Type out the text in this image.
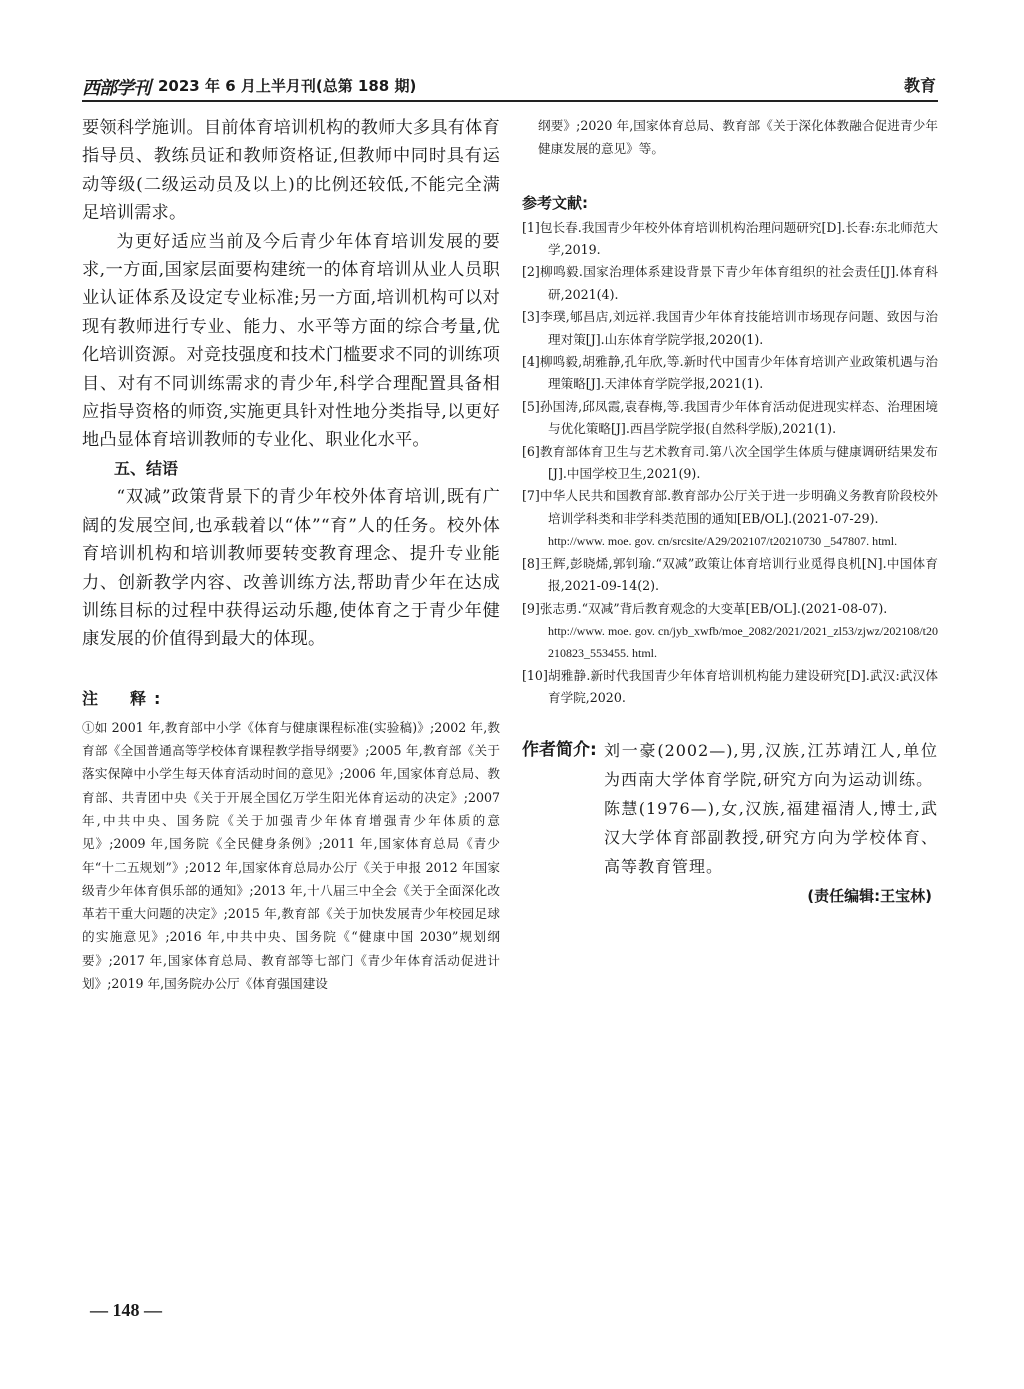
西部学刊 2023 年 6 月上半月刊(总第 188 期)	教育

要领科学施训。目前体育培训机构的教师大多具有体育指导员、教练员证和教师资格证,但教师中同时具有运动等级(二级运动员及以上)的比例还较低,不能完全满足培训需求。

为更好适应当前及今后青少年体育培训发展的要求,一方面,国家层面要构建统一的体育培训从业人员职业认证体系及设定专业标准;另一方面,培训机构可以对现有教师进行专业、能力、水平等方面的综合考量,优化培训资源。对竞技强度和技术门槛要求不同的训练项目、对有不同训练需求的青少年,科学合理配置具备相应指导资格的师资,实施更具针对性地分类指导,以更好地凸显体育培训教师的专业化、职业化水平。

五、结语

“双减”政策背景下的青少年校外体育培训,既有广阔的发展空间,也承载着以“体”“育”人的任务。校外体育培训机构和培训教师要转变教育理念、提升专业能力、创新教学内容、改善训练方法,帮助青少年在达成训练目标的过程中获得运动乐趣,使体育之于青少年健康发展的价值得到最大的体现。

注　释:

①如 2001 年,教育部中小学《体育与健康课程标准(实验稿)》;2002 年,教育部《全国普通高等学校体育课程教学指导纲要》;2005 年,教育部《关于落实保障中小学生每天体育活动时间的意见》;2006 年,国家体育总局、教育部、共青团中央《关于开展全国亿万学生阳光体育运动的决定》;2007 年,中共中央、国务院《关于加强青少年体育增强青少年体质的意见》;2009 年,国务院《全民健身条例》;2011 年,国家体育总局《青少年“十二五规划”》;2012 年,国家体育总局办公厅《关于申报 2012 年国家级青少年体育俱乐部的通知》;2013 年,十八届三中全会《关于全面深化改革若干重大问题的决定》;2015 年,教育部《关于加快发展青少年校园足球的实施意见》;2016 年,中共中央、国务院《“健康中国 2030”规划纲要》;2017 年,国家体育总局、教育部等七部门《青少年体育活动促进计划》;2019 年,国务院办公厅《体育强国建设

纲要》;2020 年,国家体育总局、教育部《关于深化体教融合促进青少年健康发展的意见》等。

参考文献:
[1]包长春.我国青少年校外体育培训机构治理问题研究[D].长春:东北师范大学,2019.
[2]柳鸣毅.国家治理体系建设背景下青少年体育组织的社会责任[J].体育科研,2021(4).
[3]李璞,郇昌店,刘远祥.我国青少年体育技能培训市场现存问题、致因与治理对策[J].山东体育学院学报,2020(1).
[4]柳鸣毅,胡雅静,孔年欣,等.新时代中国青少年体育培训产业政策机遇与治理策略[J].天津体育学院学报,2021(1).
[5]孙国涛,邱凤霞,袁春梅,等.我国青少年体育活动促进现实样态、治理困境与优化策略[J].西昌学院学报(自然科学版),2021(1).
[6]教育部体育卫生与艺术教育司.第八次全国学生体质与健康调研结果发布[J].中国学校卫生,2021(9).
[7]中华人民共和国教育部.教育部办公厅关于进一步明确义务教育阶段校外培训学科类和非学科类范围的通知[EB/OL].(2021-07-29).
http://www. moe. gov. cn/srcsite/A29/202107/t20210730 _547807. html.
[8]王辉,彭晓烯,郭钊瑜.“双减”政策让体育培训行业觅得良机[N].中国体育报,2021-09-14(2).
[9]张志勇.“双减”背后教育观念的大变革[EB/OL].(2021-08-07).
http://www. moe. gov. cn/jyb_xwfb/moe_2082/2021/2021_zl53/zjwz/202108/t20210823_553455. html.
[10]胡雅静.新时代我国青少年体育培训机构能力建设研究[D].武汉:武汉体育学院,2020.
作者简介: 刘一豪(2002—),男,汉族,江苏靖江人,单位为西南大学体育学院,研究方向为运动训练。

陈慧(1976—),女,汉族,福建福清人,博士,武汉大学体育部副教授,研究方向为学校体育、高等教育管理。

(责任编辑:王宝林)
— 148 —
